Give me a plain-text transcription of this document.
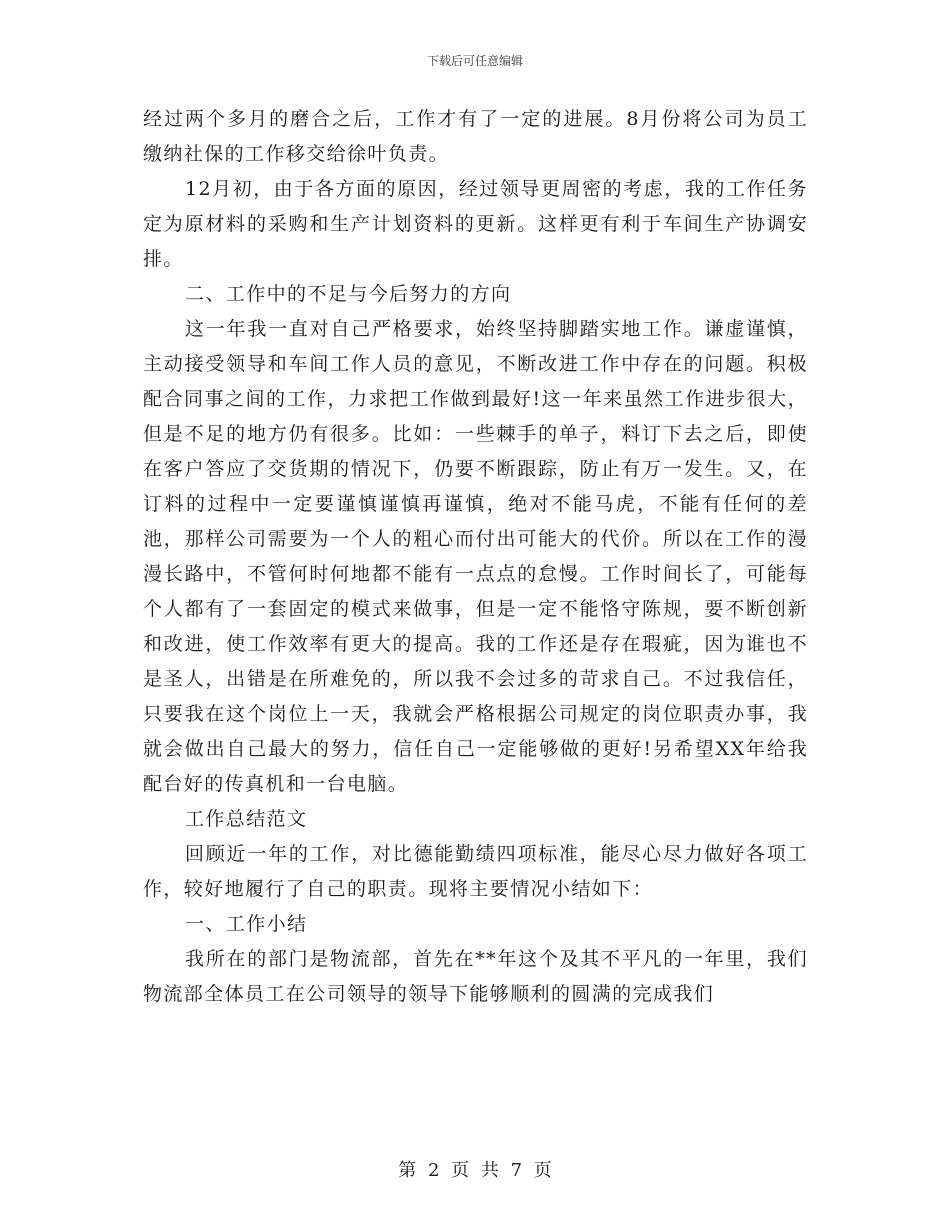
下载后可任意编辑

经过两个多月的磨合之后，工作才有了一定的进展。8月份将公司为员工缴纳社保的工作移交给徐叶负责。

12月初，由于各方面的原因，经过领导更周密的考虑，我的工作任务定为原材料的采购和生产计划资料的更新。这样更有利于车间生产协调安排。

二、工作中的不足与今后努力的方向

这一年我一直对自己严格要求，始终坚持脚踏实地工作。谦虚谨慎，主动接受领导和车间工作人员的意见，不断改进工作中存在的问题。积极配合同事之间的工作，力求把工作做到最好!这一年来虽然工作进步很大，但是不足的地方仍有很多。比如：一些棘手的单子，料订下去之后，即使在客户答应了交货期的情况下，仍要不断跟踪，防止有万一发生。又，在订料的过程中一定要谨慎谨慎再谨慎，绝对不能马虎，不能有任何的差池，那样公司需要为一个人的粗心而付出可能大的代价。所以在工作的漫漫长路中，不管何时何地都不能有一点点的怠慢。工作时间长了，可能每个人都有了一套固定的模式来做事，但是一定不能恪守陈规，要不断创新和改进，使工作效率有更大的提高。我的工作还是存在瑕疵，因为谁也不是圣人，出错是在所难免的，所以我不会过多的苛求自己。不过我信任，只要我在这个岗位上一天，我就会严格根据公司规定的岗位职责办事，我就会做出自己最大的努力，信任自己一定能够做的更好!另希望XX年给我配台好的传真机和一台电脑。

工作总结范文

回顾近一年的工作，对比德能勤绩四项标准，能尽心尽力做好各项工作，较好地履行了自己的职责。现将主要情况小结如下：

一、工作小结

我所在的部门是物流部，首先在**年这个及其不平凡的一年里，我们物流部全体员工在公司领导的领导下能够顺利的圆满的完成我们

第 2 页 共 7 页
